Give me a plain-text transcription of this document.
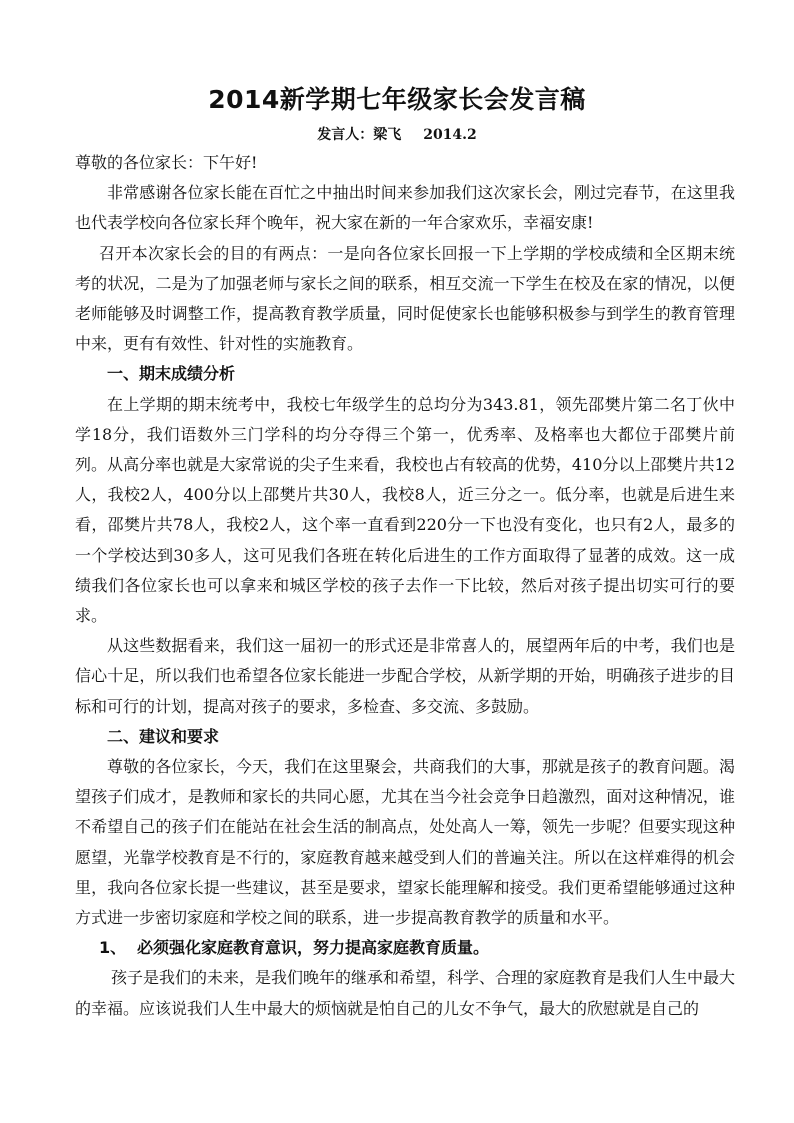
2014新学期七年级家长会发言稿
发言人：梁飞 2014.2

尊敬的各位家长：下午好!

非常感谢各位家长能在百忙之中抽出时间来参加我们这次家长会，刚过完春节，在这里我也代表学校向各位家长拜个晚年，祝大家在新的一年合家欢乐，幸福安康!

召开本次家长会的目的有两点：一是向各位家长回报一下上学期的学校成绩和全区期末统考的状况，二是为了加强老师与家长之间的联系，相互交流一下学生在校及在家的情况，以便老师能够及时调整工作，提高教育教学质量，同时促使家长也能够积极参与到学生的教育管理中来，更有有效性、针对性的实施教育。

一、期末成绩分析

在上学期的期末统考中，我校七年级学生的总均分为343.81，领先邵樊片第二名丁伙中学18分，我们语数外三门学科的均分夺得三个第一，优秀率、及格率也大都位于邵樊片前列。从高分率也就是大家常说的尖子生来看，我校也占有较高的优势，410分以上邵樊片共12人，我校2人，400分以上邵樊片共30人，我校8人，近三分之一。低分率，也就是后进生来看，邵樊片共78人，我校2人，这个率一直看到220分一下也没有变化，也只有2人，最多的一个学校达到30多人，这可见我们各班在转化后进生的工作方面取得了显著的成效。这一成绩我们各位家长也可以拿来和城区学校的孩子去作一下比较，然后对孩子提出切实可行的要求。

从这些数据看来，我们这一届初一的形式还是非常喜人的，展望两年后的中考，我们也是信心十足，所以我们也希望各位家长能进一步配合学校，从新学期的开始，明确孩子进步的目标和可行的计划，提高对孩子的要求，多检查、多交流、多鼓励。

二、建议和要求

尊敬的各位家长，今天，我们在这里聚会，共商我们的大事，那就是孩子的教育问题。渴望孩子们成才，是教师和家长的共同心愿，尤其在当今社会竞争日趋激烈，面对这种情况，谁不希望自己的孩子们在能站在社会生活的制高点，处处高人一筹，领先一步呢？但要实现这种愿望，光靠学校教育是不行的，家庭教育越来越受到人们的普遍关注。所以在这样难得的机会里，我向各位家长提一些建议，甚至是要求，望家长能理解和接受。我们更希望能够通过这种方式进一步密切家庭和学校之间的联系，进一步提高教育教学的质量和水平。

1、 必须强化家庭教育意识，努力提高家庭教育质量。

孩子是我们的未来，是我们晚年的继承和希望，科学、合理的家庭教育是我们人生中最大的幸福。应该说我们人生中最大的烦恼就是怕自己的儿女不争气，最大的欣慰就是自己的
